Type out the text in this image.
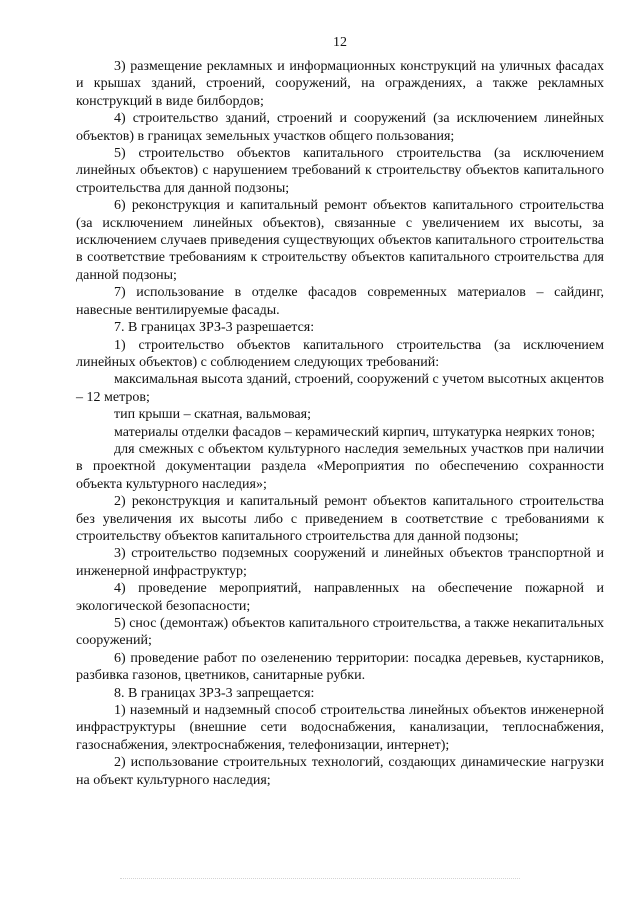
12

3) размещение рекламных и информационных конструкций на уличных фасадах и крышах зданий, строений, сооружений, на ограждениях, а также рекламных конструкций в виде билбордов;

4) строительство зданий, строений и сооружений (за исключением линейных объектов) в границах земельных участков общего пользования;

5) строительство объектов капитального строительства (за исключением линейных объектов) с нарушением требований к строительству объектов капитального строительства для данной подзоны;

6) реконструкция и капитальный ремонт объектов капитального строительства (за исключением линейных объектов), связанные с увеличением их высоты, за исключением случаев приведения существующих объектов капитального строительства в соответствие требованиям к строительству объектов капитального строительства для данной подзоны;

7) использование в отделке фасадов современных материалов – сайдинг, навесные вентилируемые фасады.

7. В границах ЗРЗ-3 разрешается:

1) строительство объектов капитального строительства (за исключением линейных объектов) с соблюдением следующих требований:

максимальная высота зданий, строений, сооружений с учетом высотных акцентов – 12 метров;

тип крыши – скатная, вальмовая;

материалы отделки фасадов – керамический кирпич, штукатурка неярких тонов;

для смежных с объектом культурного наследия земельных участков при наличии в проектной документации раздела «Мероприятия по обеспечению сохранности объекта культурного наследия»;

2) реконструкция и капитальный ремонт объектов капитального строительства без увеличения их высоты либо с приведением в соответствие с требованиями к строительству объектов капитального строительства для данной подзоны;

3) строительство подземных сооружений и линейных объектов транспортной и инженерной инфраструктур;

4) проведение мероприятий, направленных на обеспечение пожарной и экологической безопасности;

5) снос (демонтаж) объектов капитального строительства, а также некапитальных сооружений;

6) проведение работ по озеленению территории: посадка деревьев, кустарников, разбивка газонов, цветников, санитарные рубки.

8. В границах ЗРЗ-3 запрещается:

1) наземный и надземный способ строительства линейных объектов инженерной инфраструктуры (внешние сети водоснабжения, канализации, теплоснабжения, газоснабжения, электроснабжения, телефонизации, интернет);

2) использование строительных технологий, создающих динамические нагрузки на объект культурного наследия;
